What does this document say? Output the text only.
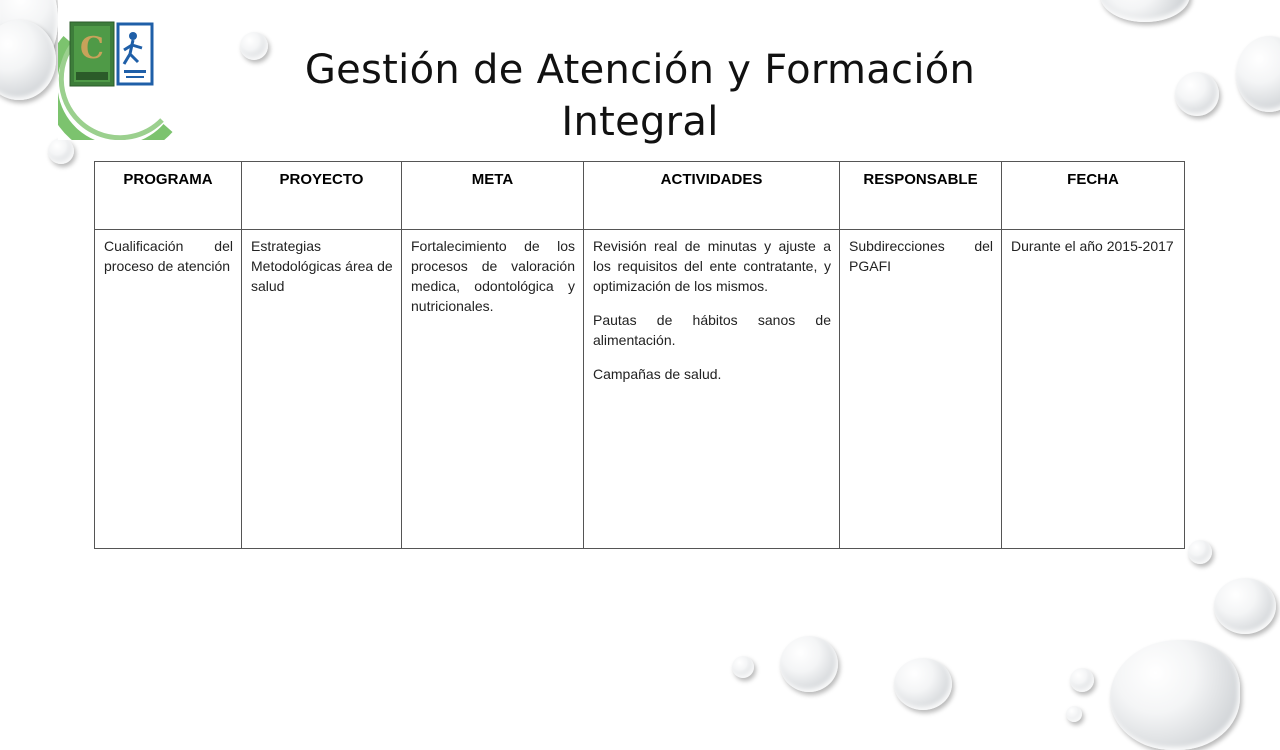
C	Gestión de Atención y Formación Integral
PROGRAMA	PROYECTO	META	ACTIVIDADES	RESPONSABLE	FECHA
Cualificación del proceso de atención	Estrategias Metodológicas área de salud	Fortalecimiento de los procesos de valoración medica, odontológica y nutricionales.	Revisión real de minutas y ajuste a los requisitos del ente contratante, y optimización de los mismos.

Pautas de hábitos sanos de alimentación.

Campañas de salud.	Subdirecciones del PGAFI	Durante el año 2015-2017
